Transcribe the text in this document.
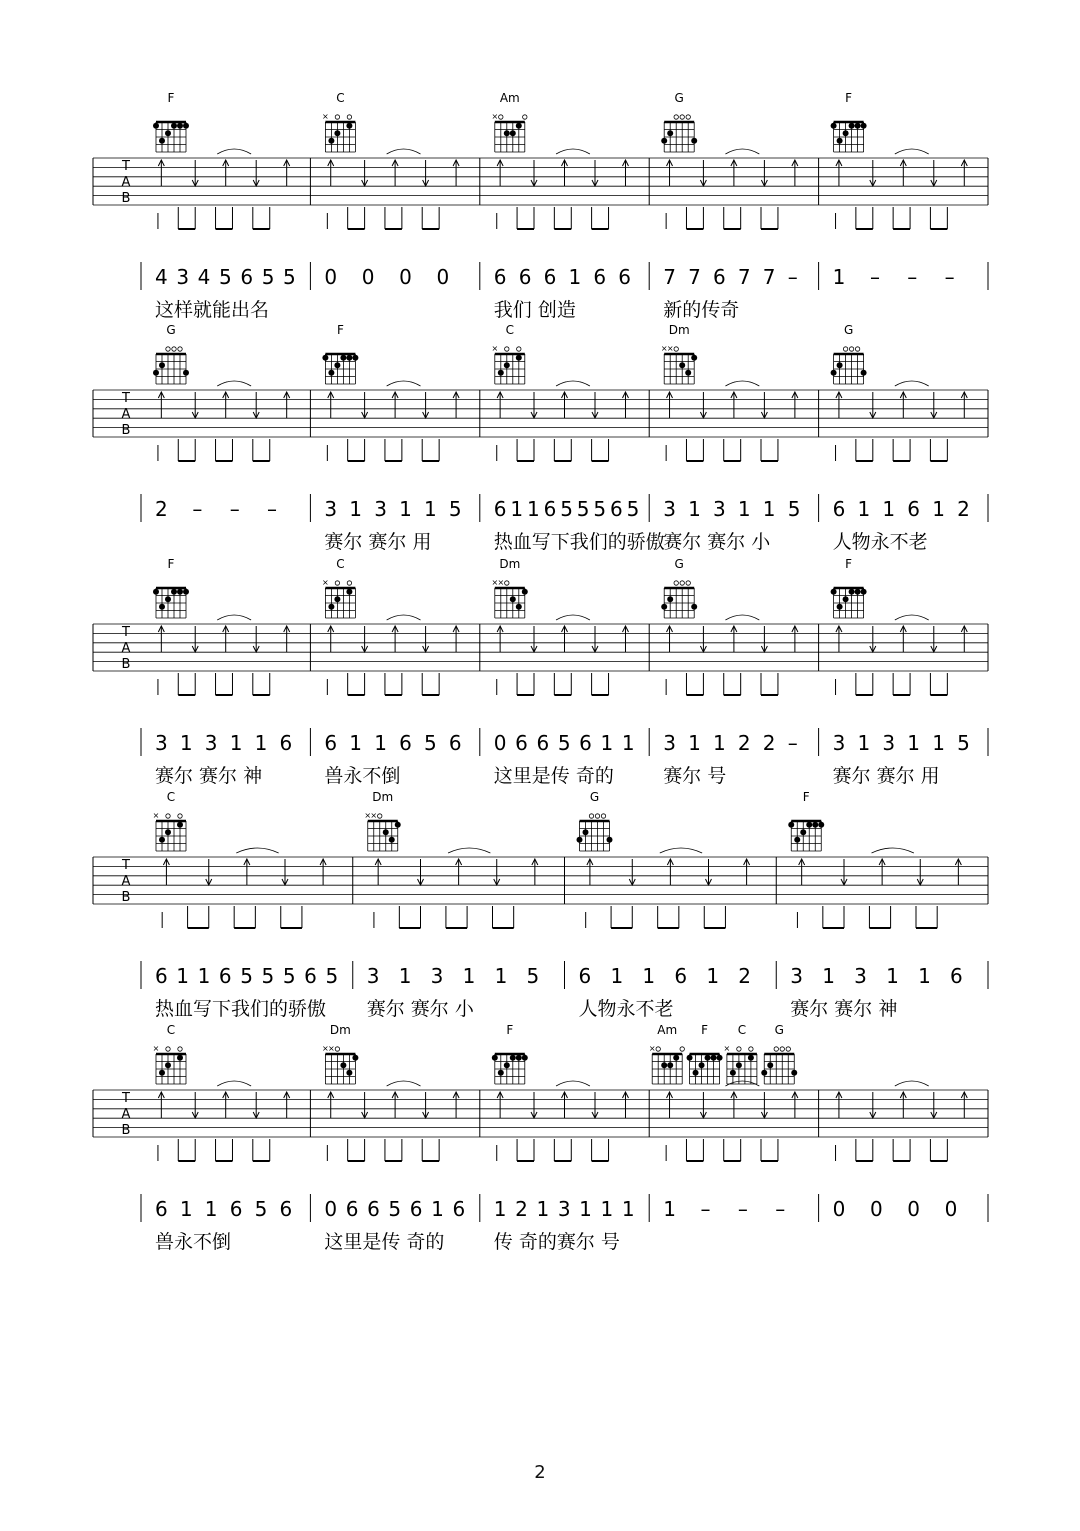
T
A
B
F
4 3 4 5 6 5 5
这样就能出名
C
×
0 0 0 0
Am
×
6 6 6 1 6 6
我们 创造
G
7 7 6 7 7 –
新的传奇
F
1 – – –
T
A
B
G
2 – – –
F
3 1 3 1 1 5
赛尔 赛尔 用
C
×
6 1 1 6 5 5 5 6 5
热血写下我们的骄傲
Dm
× ×
3 1 3 1 1 5
赛尔 赛尔 小
G
6 1 1 6 1 2
人物永不老
T
A
B
F
3 1 3 1 1 6
赛尔 赛尔 神
C
×
6 1 1 6 5 6
兽永不倒
Dm
× ×
0 6 6 5 6 1 1
这里是传 奇的
G
3 1 1 2 2 –
赛尔 号
F
3 1 3 1 1 5
赛尔 赛尔 用
T
A
B
C
×
6 1 1 6 5 5 5 6 5
热血写下我们的骄傲
Dm
× ×
3 1 3 1 1 5
赛尔 赛尔 小
G
6 1 1 6 1 2
人物永不老
F
3 1 3 1 1 6
赛尔 赛尔 神
T
A
B
C
×
6 1 1 6 5 6
兽永不倒
Dm
× ×
0 6 6 5 6 1 6
这里是传 奇的
F
1 2 1 3 1 1 1
传 奇的赛尔 号
Am
×
F C
×
G
1 – – – 0 0 0 0
2
